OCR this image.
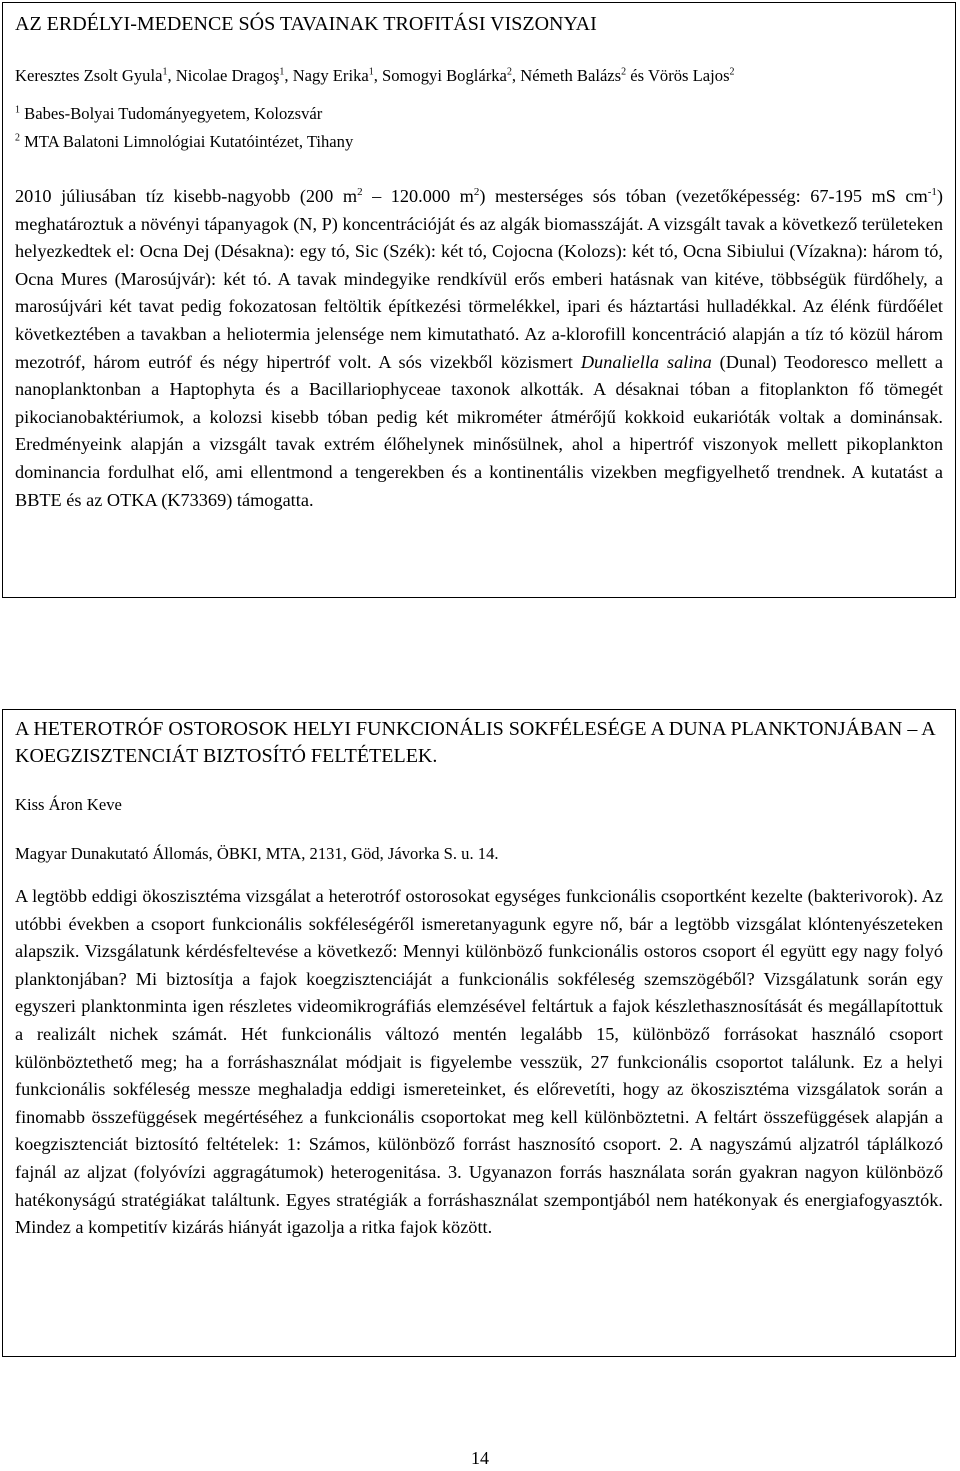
AZ ERDÉLYI-MEDENCE SÓS TAVAINAK TROFITÁSI VISZONYAI
Keresztes Zsolt Gyula$^1$, Nicolae Dragoş$^1$, Nagy Erika$^1$, Somogyi Boglárka$^2$, Németh Balázs$^2$ és Vörös Lajos$^2$
$^1$ Babes-Bolyai Tudományegyetem, Kolozsvár
$^2$ MTA Balatoni Limnológiai Kutatóintézet, Tihany
2010 júliusában tíz kisebb-nagyobb (200 $m^2 - 120.000$ $m^2$) mesterséges sós tóban (vezetőképesség: 67-195 mS $cm^{-1}$) meghatároztuk a növényi tápanyagok (N, P) koncentrációját és az algák biomasszáját. A vizsgált tavak a következő területeken helyezkedtek el: Ocna Dej (Désakna): egy tó, Sic (Szék): két tó, Cojocna (Kolozs): két tó, Ocna Sibiului (Vízakna): három tó, Ocna Mures (Marosújvár): két tó. A tavak mindegyike rendkívül erős emberi hatásnak van kitéve, többségük fürdőhely, a marosújvári két tavat pedig fokozatosan feltöltik építkezési törmelékkel, ipari és háztartási hulladékkal. Az élénk fürdőélet következtében a tavakban a heliotermia jelensége nem kimutatható. Az a-klorofill koncentráció alapján a tíz tó közül három mezotróf, három eutróf és négy hipertróf volt. A sós vizekből közismert Dunaliella salina (Dunal) Teodoresco mellett a nanoplanktonban a Haptophyta és a Bacillariophyceae taxonok alkották. A désaknai tóban a fitoplankton fő tömegét pikocianobaktériumok, a kolozsi kisebb tóban pedig két mikrométer átmérőjű kokkoid eukarióták voltak a dominánsak. Eredményeink alapján a vizsgált tavak extrém élőhelynek minősülnek, ahol a hipertróf viszonyok mellett pikoplankton dominancia fordulhat elő, ami ellentmond a tengerekben és a kontinentális vizekben megfigyelhető trendnek. A kutatást a BBTE és az OTKA (K73369) támogatta.
A HETEROTRÓF OSTOROSOK HELYI FUNKCIONÁLIS SOKFÉLESÉGE A DUNA PLANKTONJÁBAN – A KOEGZISZTENCIÁT BIZTOSÍTÓ FELTÉTELEK.
Kiss Áron Keve
Magyar Dunakutató Állomás, ÖBKI, MTA, 2131, Göd, Jávorka S. u. 14.
A legtöbb eddigi ökoszisztéma vizsgálat a heterotróf ostorosokat egységes funkcionális csoportként kezelte (bakterivorok). Az utóbbi években a csoport funkcionális sokféleségéről ismeretanyagunk egyre nő, bár a legtöbb vizsgálat klóntenyészeteken alapszik. Vizsgálatunk kérdésfeltevése a következő: Mennyi különböző funkcionális ostoros csoport él együtt egy nagy folyó planktonjában? Mi biztosítja a fajok koegzisztenciáját a funkcionális sokféleség szemszögéből? Vizsgálatunk során egy egyszeri planktonminta igen részletes videomikrográfiás elemzésével feltártuk a fajok készlethasznosítását és megállapítottuk a realizált nichek számát. Hét funkcionális változó mentén legalább 15, különböző forrásokat használó csoport különböztethető meg; ha a forráshasználat módjait is figyelembe vesszük, 27 funkcionális csoportot találunk. Ez a helyi funkcionális sokféleség messze meghaladja eddigi ismereteinket, és előrevetíti, hogy az ökoszisztéma vizsgálatok során a finomabb összefüggések megértéséhez a funkcionális csoportokat meg kell különböztetni. A feltárt összefüggések alapján a koegzisztenciát biztosító feltételek: 1: Számos, különböző forrást hasznosító csoport. 2. A nagyszámú aljzatról táplálkozó fajnál az aljzat (folyóvízi aggragátumok) heterogenitása. 3. Ugyanazon forrás használata során gyakran nagyon különböző hatékonyságú stratégiákat találtunk. Egyes stratégiák a forráshasználat szempontjából nem hatékonyak és energiafogyasztók. Mindez a kompetitív kizárás hiányát igazolja a ritka fajok között.
14
